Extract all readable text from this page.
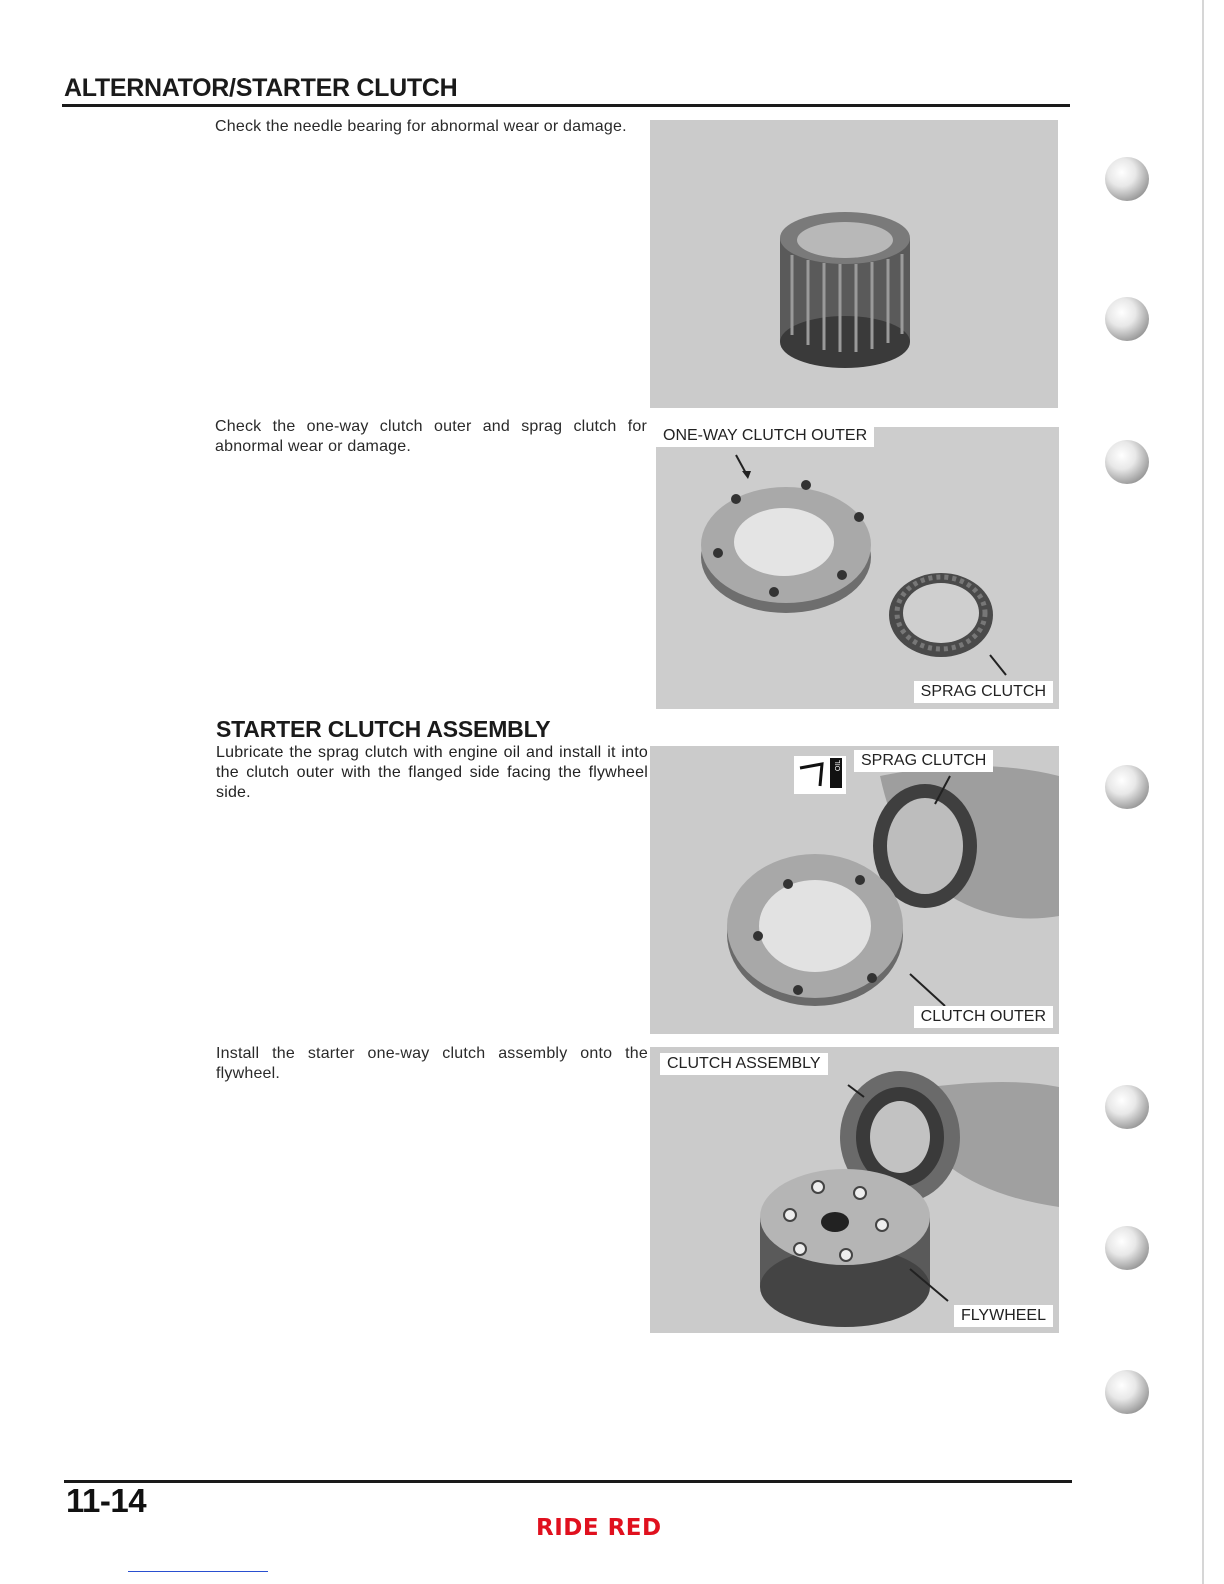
ALTERNATOR/STARTER CLUTCH
Check the needle bearing for abnormal wear or damage.
Check the one-way clutch outer and sprag clutch for abnormal wear or damage.
STARTER CLUTCH ASSEMBLY
Lubricate the sprag clutch with engine oil and install it into the clutch outer with the flanged side facing the flywheel side.
Install the starter one-way clutch assembly onto the flywheel.
ONE-WAY CLUTCH OUTER
SPRAG CLUTCH
OIL	SPRAG CLUTCH
CLUTCH OUTER
CLUTCH ASSEMBLY
FLYWHEEL
11-14
RIDE RED
